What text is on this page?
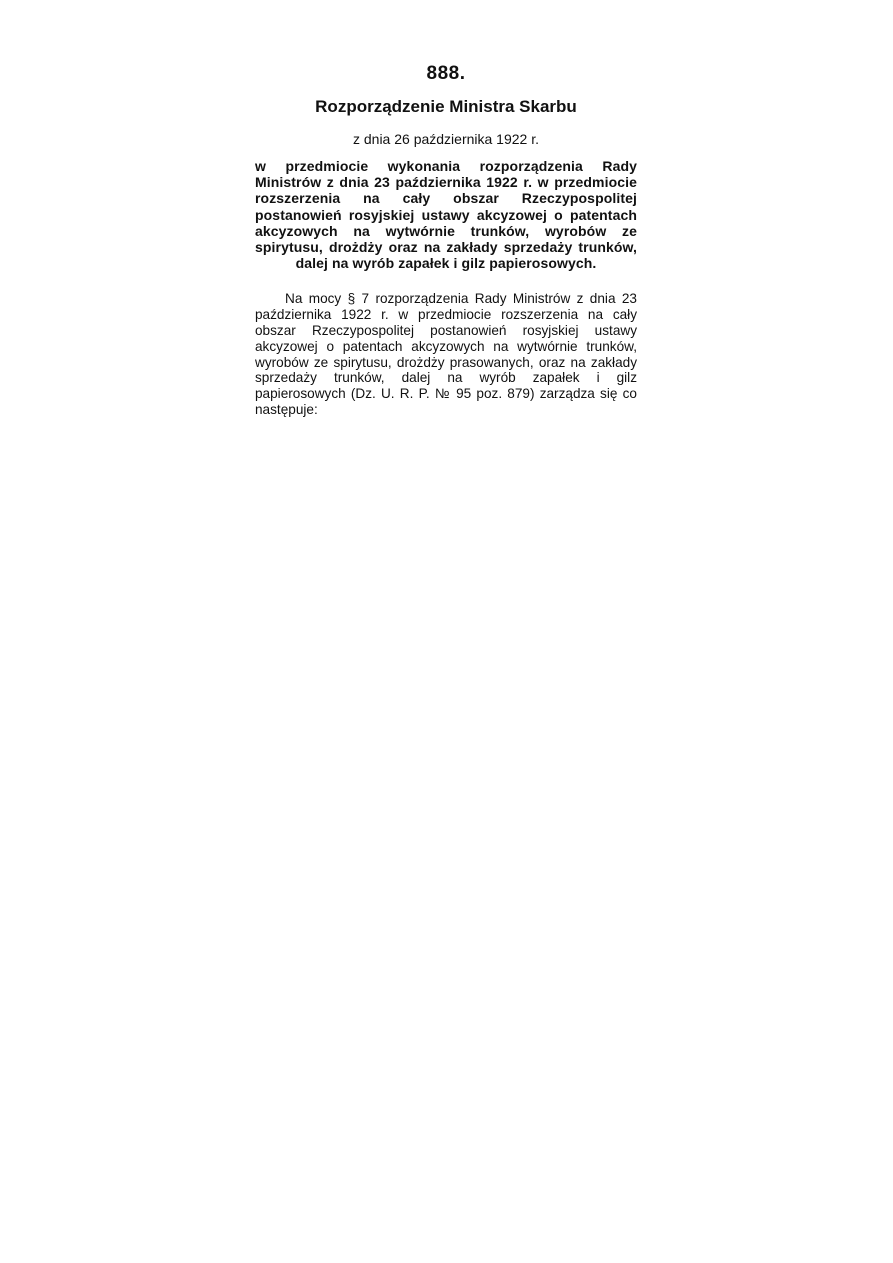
888.
Rozporządzenie Ministra Skarbu
z dnia 26 października 1922 r.
w przedmiocie wykonania rozporządzenia Rady Ministrów z dnia 23 października 1922 r. w przedmiocie rozszerzenia na cały obszar Rzeczypospolitej postanowień rosyjskiej ustawy akcyzowej o patentach akcyzowych na wytwórnie trunków, wyrobów ze spirytusu, drożdży oraz na zakłady sprzedaży trunków, dalej na wyrób zapałek i gilz papierosowych.
Na mocy § 7 rozporządzenia Rady Ministrów z dnia 23 października 1922 r. w przedmiocie rozszerzenia na cały obszar Rzeczypospolitej postanowień rosyjskiej ustawy akcyzowej o patentach akcyzowych na wytwórnie trunków, wyrobów ze spirytusu, drożdży prasowanych, oraz na zakłady sprzedaży trunków, dalej na wyrób zapałek i gilz papierosowych (Dz. U. R. P. № 95 poz. 879) zarządza się co następuje:
